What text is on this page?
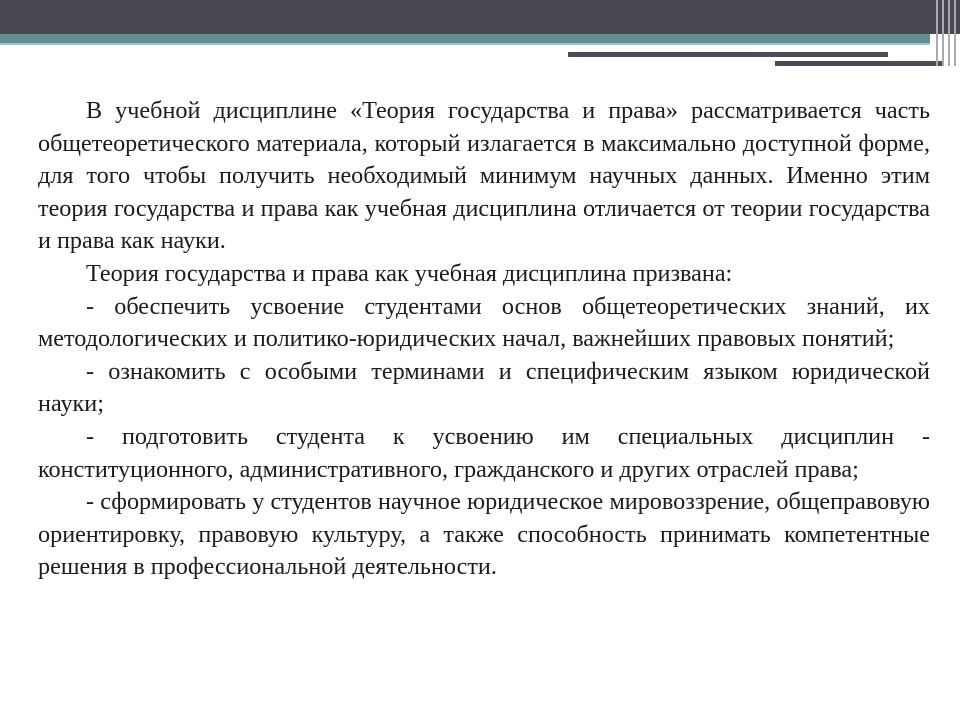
В учебной дисциплине «Теория государства и права» рассматривается часть общетеоретического материала, который излагается в максимально доступной форме, для того чтобы получить необходимый минимум научных данных. Именно этим теория государства и права как учебная дисциплина отличается от теории государства и права как науки.

Теория государства и права как учебная дисциплина призвана:

- обеспечить усвоение студентами основ общетеоретических знаний, их методологических и политико-юридических начал, важнейших правовых понятий;

- ознакомить с особыми терминами и специфическим языком юридической науки;

- подготовить студента к усвоению им специальных дисциплин - конституционного, административного, гражданского и других отраслей права;

- сформировать у студентов научное юридическое мировоззрение, общеправовую ориентировку, правовую культуру, а также способность принимать компетентные решения в профессиональной деятельности.
